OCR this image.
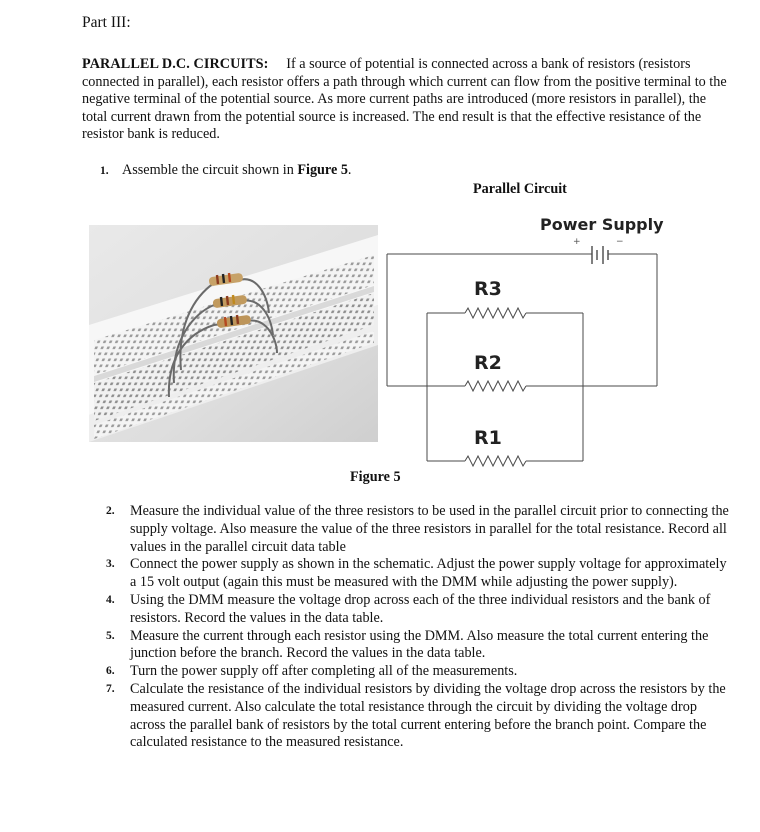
Part III:

PARALLEL D.C. CIRCUITS: If a source of potential is connected across a bank of resistors (resistors connected in parallel), each resistor offers a path through which current can flow from the positive terminal to the negative terminal of the potential source. As more current paths are introduced (more resistors in parallel), the total current drawn from the potential source is increased. The end result is that the effective resistance of the resistor bank is reduced.

1. Assemble the circuit shown in Figure 5.
Parallel Circuit
Power Supply
+	−
R3
R2
R1
Figure 5
2.	Measure the individual value of the three resistors to be used in the parallel circuit prior to connecting the supply voltage. Also measure the value of the three resistors in parallel for the total resistance. Record all values in the parallel circuit data table
3.	Connect the power supply as shown in the schematic. Adjust the power supply voltage for approximately a 15 volt output (again this must be measured with the DMM while adjusting the power supply).
4.	Using the DMM measure the voltage drop across each of the three individual resistors and the bank of resistors. Record the values in the data table.
5.	Measure the current through each resistor using the DMM. Also measure the total current entering the junction before the branch. Record the values in the data table.
6.	Turn the power supply off after completing all of the measurements.
7.	Calculate the resistance of the individual resistors by dividing the voltage drop across the resistors by the measured current. Also calculate the total resistance through the circuit by dividing the voltage drop across the parallel bank of resistors by the total current entering before the branch point. Compare the calculated resistance to the measured resistance.
